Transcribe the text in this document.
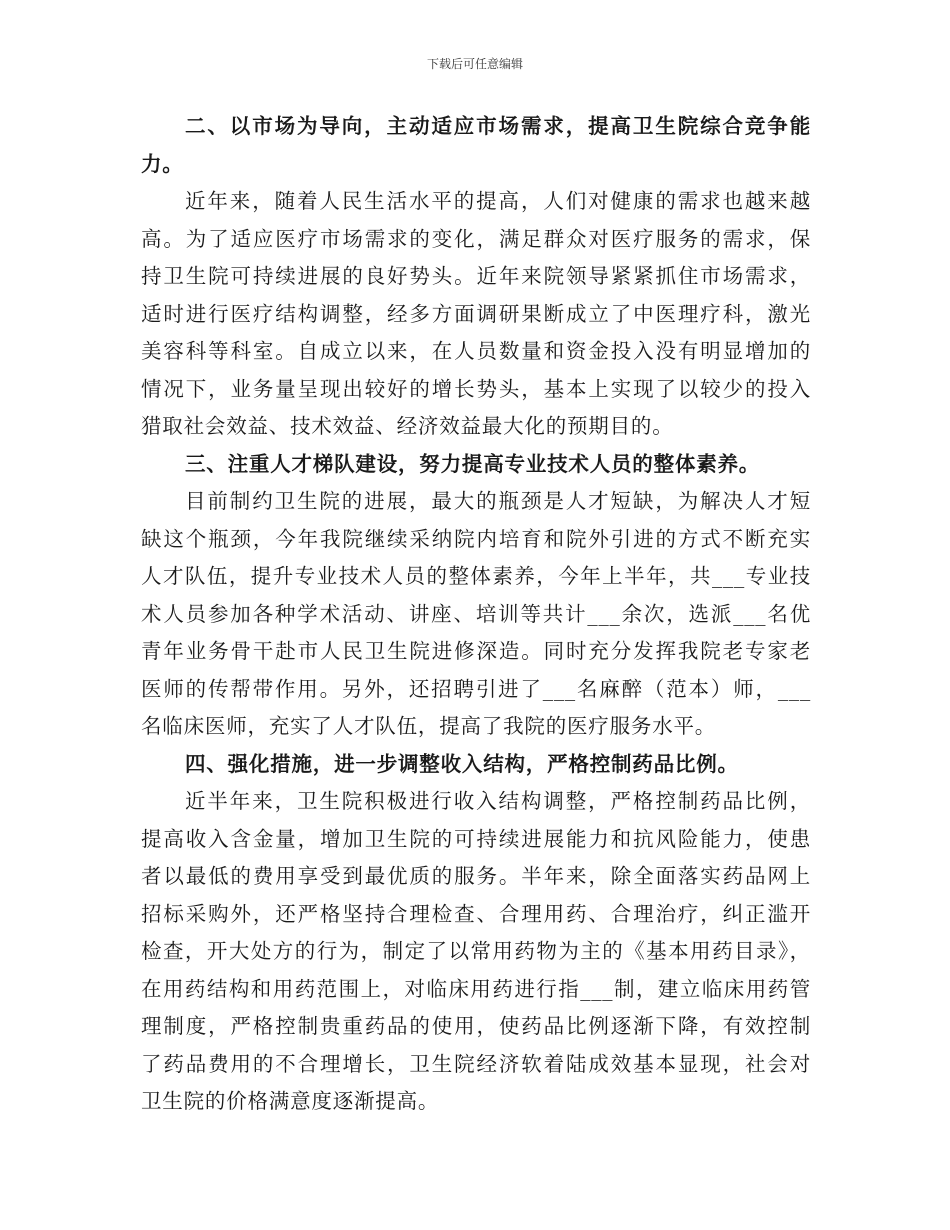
下载后可任意编辑
二、以市场为导向，主动适应市场需求，提高卫生院综合竞争能
力。
近年来，随着人民生活水平的提高，人们对健康的需求也越来越
高。为了适应医疗市场需求的变化，满足群众对医疗服务的需求，保
持卫生院可持续进展的良好势头。近年来院领导紧紧抓住市场需求，
适时进行医疗结构调整，经多方面调研果断成立了中医理疗科，激光
美容科等科室。自成立以来，在人员数量和资金投入没有明显增加的
情况下，业务量呈现出较好的增长势头，基本上实现了以较少的投入
猎取社会效益、技术效益、经济效益最大化的预期目的。
三、注重人才梯队建设，努力提高专业技术人员的整体素养。
目前制约卫生院的进展，最大的瓶颈是人才短缺，为解决人才短
缺这个瓶颈，今年我院继续采纳院内培育和院外引进的方式不断充实
人才队伍，提升专业技术人员的整体素养，今年上半年，共___专业技
术人员参加各种学术活动、讲座、培训等共计___余次，选派___名优
青年业务骨干赴市人民卫生院进修深造。同时充分发挥我院老专家老
医师的传帮带作用。另外，还招聘引进了___名麻醉（范本）师，___
名临床医师，充实了人才队伍，提高了我院的医疗服务水平。
四、强化措施，进一步调整收入结构，严格控制药品比例。
近半年来，卫生院积极进行收入结构调整，严格控制药品比例，
提高收入含金量，增加卫生院的可持续进展能力和抗风险能力，使患
者以最低的费用享受到最优质的服务。半年来，除全面落实药品网上
招标采购外，还严格坚持合理检查、合理用药、合理治疗，纠正滥开
检查，开大处方的行为，制定了以常用药物为主的《基本用药目录》，
在用药结构和用药范围上，对临床用药进行指___制，建立临床用药管
理制度，严格控制贵重药品的使用，使药品比例逐渐下降，有效控制
了药品费用的不合理增长，卫生院经济软着陆成效基本显现，社会对
卫生院的价格满意度逐渐提高。
